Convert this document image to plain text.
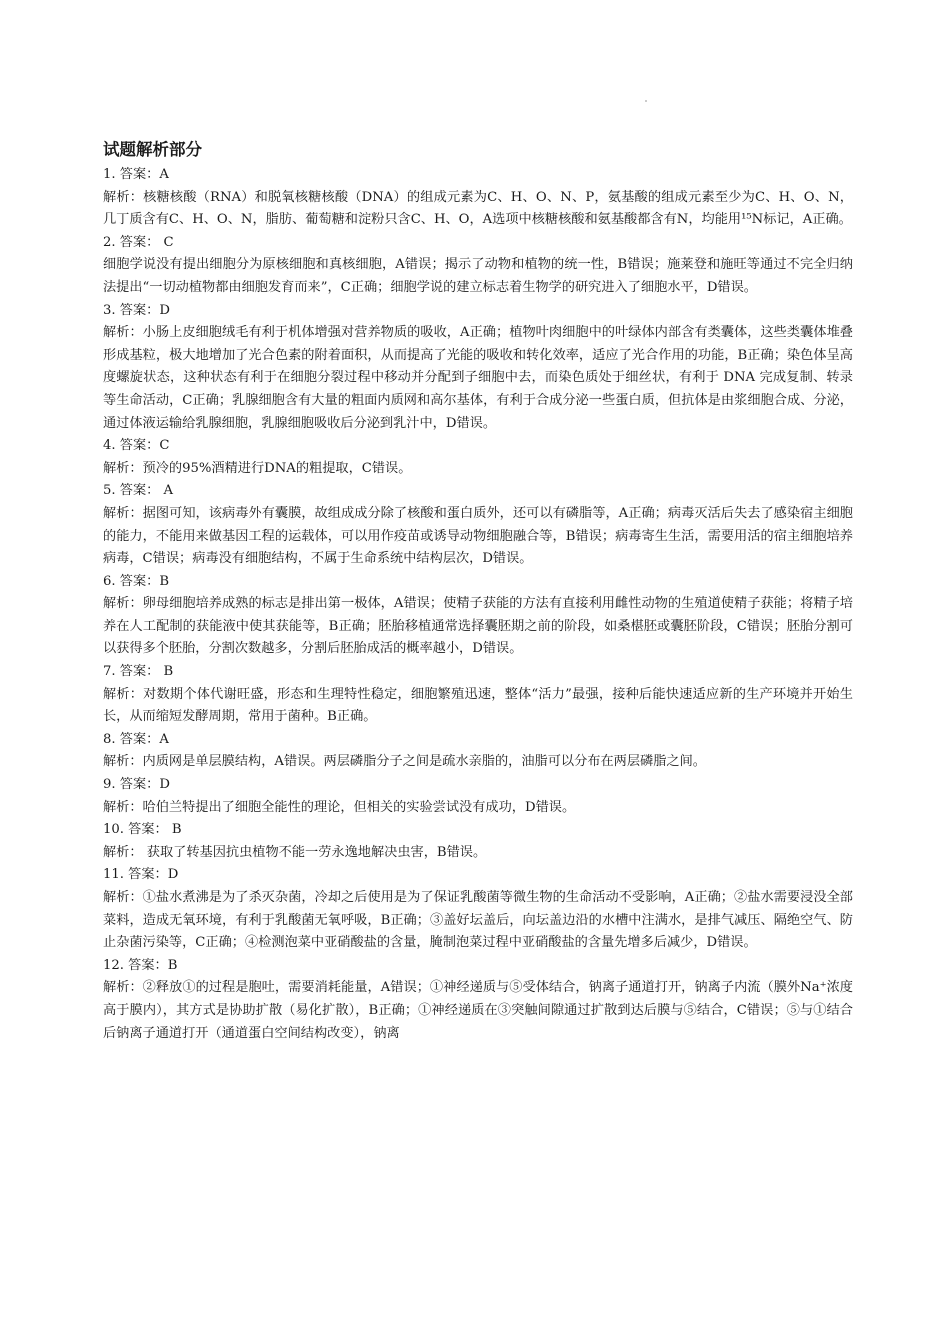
试题解析部分

1. 答案：A

解析：核糖核酸（RNA）和脱氧核糖核酸（DNA）的组成元素为C、H、O、N、P，氨基酸的组成元素至少为C、H、O、N，几丁质含有C、H、O、N，脂肪、葡萄糖和淀粉只含C、H、O，A选项中核糖核酸和氨基酸都含有N，均能用¹⁵N标记，A正确。

2. 答案： C

细胞学说没有提出细胞分为原核细胞和真核细胞，A错误；揭示了动物和植物的统一性，B错误；施莱登和施旺等通过不完全归纳法提出“一切动植物都由细胞发育而来”，C正确；细胞学说的建立标志着生物学的研究进入了细胞水平，D错误。

3. 答案：D

解析：小肠上皮细胞绒毛有利于机体增强对营养物质的吸收，A正确；植物叶肉细胞中的叶绿体内部含有类囊体，这些类囊体堆叠形成基粒，极大地增加了光合色素的附着面积，从而提高了光能的吸收和转化效率，适应了光合作用的功能，B正确；染色体呈高度螺旋状态，这种状态有利于在细胞分裂过程中移动并分配到子细胞中去，而染色质处于细丝状，有利于 DNA 完成复制、转录等生命活动，C正确；乳腺细胞含有大量的粗面内质网和高尔基体，有利于合成分泌一些蛋白质，但抗体是由浆细胞合成、分泌，通过体液运输给乳腺细胞，乳腺细胞吸收后分泌到乳汁中，D错误。

4. 答案：C

解析：预冷的95%酒精进行DNA的粗提取，C错误。

5. 答案： A

解析：据图可知，该病毒外有囊膜，故组成成分除了核酸和蛋白质外，还可以有磷脂等，A正确；病毒灭活后失去了感染宿主细胞的能力，不能用来做基因工程的运载体，可以用作疫苗或诱导动物细胞融合等，B错误；病毒寄生生活，需要用活的宿主细胞培养病毒，C错误；病毒没有细胞结构，不属于生命系统中结构层次，D错误。

6. 答案：B

解析：卵母细胞培养成熟的标志是排出第一极体，A错误；使精子获能的方法有直接利用雌性动物的生殖道使精子获能；将精子培养在人工配制的获能液中使其获能等，B正确；胚胎移植通常选择囊胚期之前的阶段，如桑椹胚或囊胚阶段，C错误；胚胎分割可以获得多个胚胎，分割次数越多，分割后胚胎成活的概率越小，D错误。

7. 答案： B

解析：对数期个体代谢旺盛，形态和生理特性稳定，细胞繁殖迅速，整体“活力”最强，接种后能快速适应新的生产环境并开始生长，从而缩短发酵周期，常用于菌种。B正确。

8. 答案：A

解析：内质网是单层膜结构，A错误。两层磷脂分子之间是疏水亲脂的，油脂可以分布在两层磷脂之间。

9. 答案：D

解析：哈伯兰特提出了细胞全能性的理论，但相关的实验尝试没有成功，D错误。

10. 答案： B

解析： 获取了转基因抗虫植物不能一劳永逸地解决虫害，B错误。

11. 答案：D

解析：①盐水煮沸是为了杀灭杂菌，冷却之后使用是为了保证乳酸菌等微生物的生命活动不受影响，A正确；②盐水需要浸没全部菜料，造成无氧环境，有利于乳酸菌无氧呼吸，B正确；③盖好坛盖后，向坛盖边沿的水槽中注满水，是排气减压、隔绝空气、防止杂菌污染等，C正确；④检测泡菜中亚硝酸盐的含量，腌制泡菜过程中亚硝酸盐的含量先增多后减少，D错误。

12. 答案：B

解析：②释放①的过程是胞吐，需要消耗能量，A错误；①神经递质与⑤受体结合，钠离子通道打开，钠离子内流（膜外Na⁺浓度高于膜内），其方式是协助扩散（易化扩散），B正确；①神经递质在③突触间隙通过扩散到达后膜与⑤结合，C错误；⑤与①结合后钠离子通道打开（通道蛋白空间结构改变），钠离
